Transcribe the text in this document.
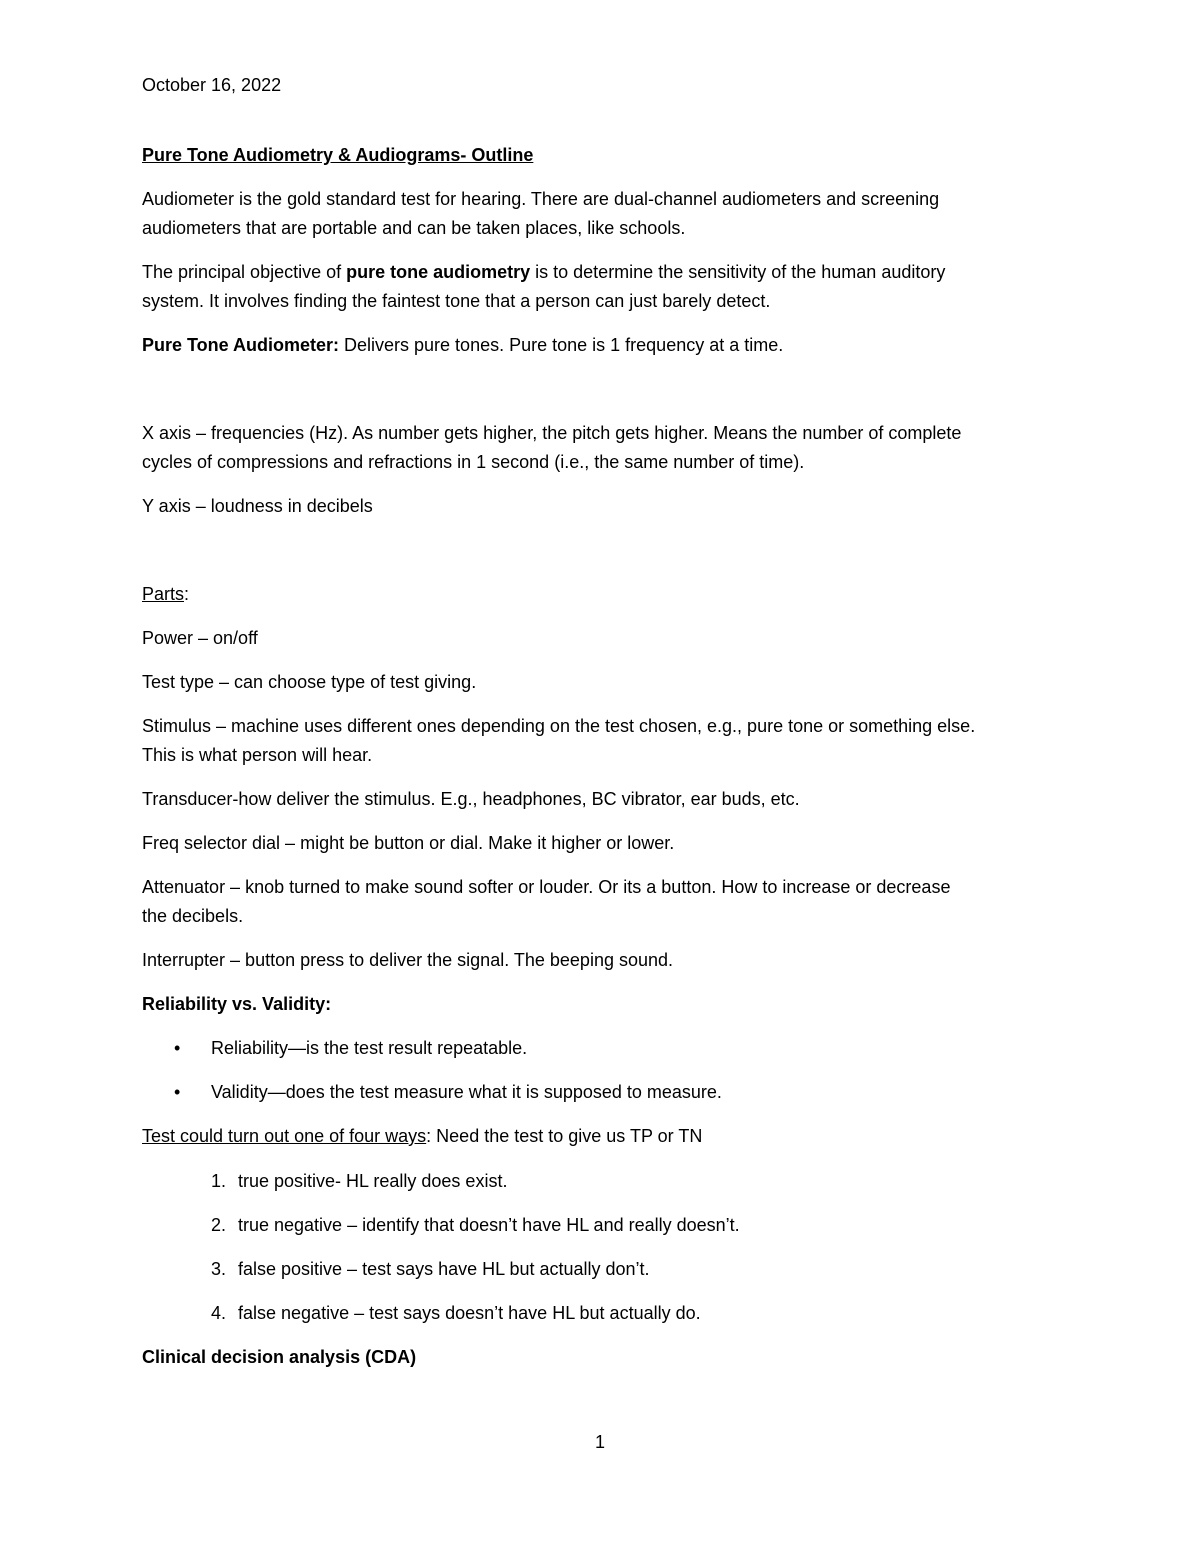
October 16, 2022
Pure Tone Audiometry & Audiograms- Outline
Audiometer is the gold standard test for hearing. There are dual-channel audiometers and screening
audiometers that are portable and can be taken places, like schools.
The principal objective of pure tone audiometry is to determine the sensitivity of the human auditory
system. It involves finding the faintest tone that a person can just barely detect.
Pure Tone Audiometer: Delivers pure tones. Pure tone is 1 frequency at a time.
X axis – frequencies (Hz). As number gets higher, the pitch gets higher. Means the number of complete
cycles of compressions and refractions in 1 second (i.e., the same number of time).
Y axis – loudness in decibels
Parts:
Power – on/off
Test type – can choose type of test giving.
Stimulus – machine uses different ones depending on the test chosen, e.g., pure tone or something else.
This is what person will hear.
Transducer-how deliver the stimulus. E.g., headphones, BC vibrator, ear buds, etc.
Freq selector dial – might be button or dial. Make it higher or lower.
Attenuator – knob turned to make sound softer or louder. Or its a button. How to increase or decrease
the decibels.
Interrupter – button press to deliver the signal. The beeping sound.
Reliability vs. Validity:
• Reliability—is the test result repeatable.
• Validity—does the test measure what it is supposed to measure.
Test could turn out one of four ways: Need the test to give us TP or TN
1. true positive- HL really does exist.
2. true negative – identify that doesn’t have HL and really doesn’t.
3. false positive – test says have HL but actually don’t.
4. false negative – test says doesn’t have HL but actually do.
Clinical decision analysis (CDA)
1
